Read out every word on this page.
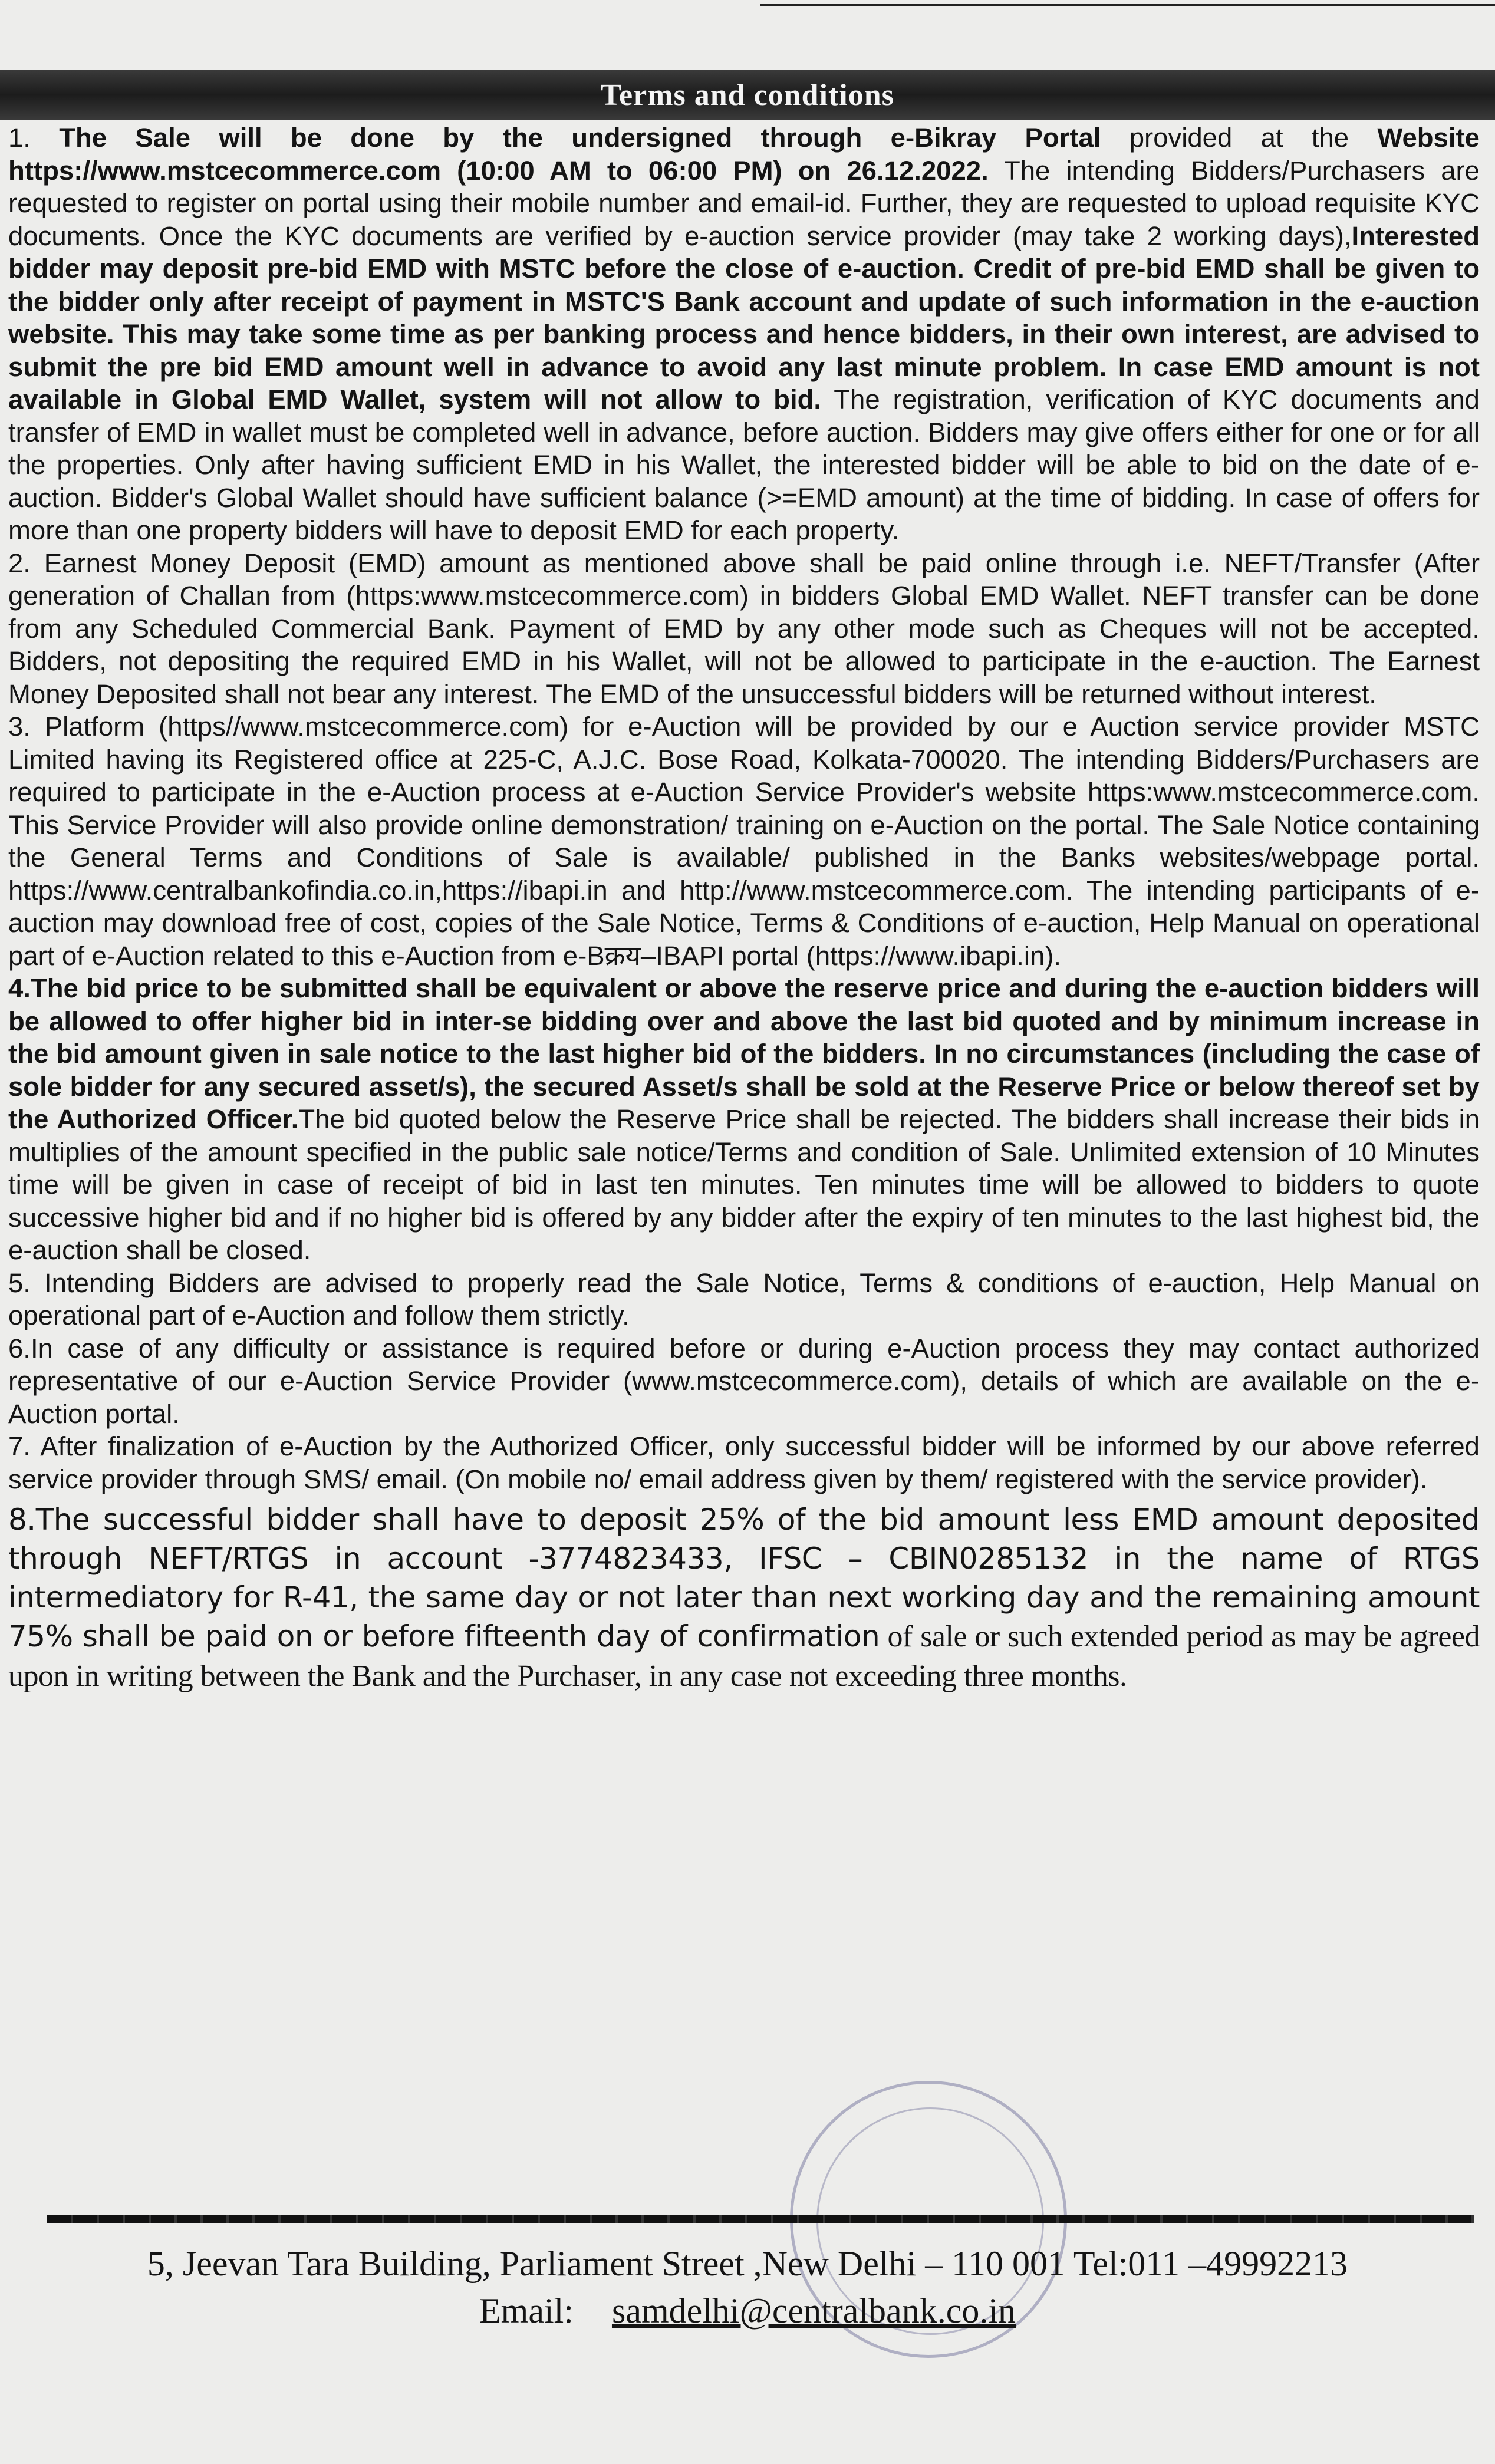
Terms and conditions

1. The Sale will be done by the undersigned through e-Bikray Portal provided at the Website https://www.mstcecommerce.com (10:00 AM to 06:00 PM) on 26.12.2022. The intending Bidders/Purchasers are requested to register on portal using their mobile number and email-id. Further, they are requested to upload requisite KYC documents. Once the KYC documents are verified by e-auction service provider (may take 2 working days),Interested bidder may deposit pre-bid EMD with MSTC before the close of e-auction. Credit of pre-bid EMD shall be given to the bidder only after receipt of payment in MSTC'S Bank account and update of such information in the e-auction website. This may take some time as per banking process and hence bidders, in their own interest, are advised to submit the pre bid EMD amount well in advance to avoid any last minute problem. In case EMD amount is not available in Global EMD Wallet, system will not allow to bid. The registration, verification of KYC documents and transfer of EMD in wallet must be completed well in advance, before auction. Bidders may give offers either for one or for all the properties. Only after having sufficient EMD in his Wallet, the interested bidder will be able to bid on the date of e-auction. Bidder's Global Wallet should have sufficient balance (>=EMD amount) at the time of bidding. In case of offers for more than one property bidders will have to deposit EMD for each property.

2. Earnest Money Deposit (EMD) amount as mentioned above shall be paid online through i.e. NEFT/Transfer (After generation of Challan from (https:www.mstcecommerce.com) in bidders Global EMD Wallet. NEFT transfer can be done from any Scheduled Commercial Bank. Payment of EMD by any other mode such as Cheques will not be accepted. Bidders, not depositing the required EMD in his Wallet, will not be allowed to participate in the e-auction. The Earnest Money Deposited shall not bear any interest. The EMD of the unsuccessful bidders will be returned without interest.

3. Platform (https//www.mstcecommerce.com) for e-Auction will be provided by our e Auction service provider MSTC Limited having its Registered office at 225-C, A.J.C. Bose Road, Kolkata-700020. The intending Bidders/Purchasers are required to participate in the e-Auction process at e-Auction Service Provider's website https:www.mstcecommerce.com. This Service Provider will also provide online demonstration/ training on e-Auction on the portal. The Sale Notice containing the General Terms and Conditions of Sale is available/ published in the Banks websites/webpage portal. https://www.centralbankofindia.co.in,https://ibapi.in and http://www.mstcecommerce.com. The intending participants of e- auction may download free of cost, copies of the Sale Notice, Terms & Conditions of e-auction, Help Manual on operational part of e-Auction related to this e-Auction from e-Bक्रय–IBAPI portal (https://www.ibapi.in).

4.The bid price to be submitted shall be equivalent or above the reserve price and during the e-auction bidders will be allowed to offer higher bid in inter-se bidding over and above the last bid quoted and by minimum increase in the bid amount given in sale notice to the last higher bid of the bidders. In no circumstances (including the case of sole bidder for any secured asset/s), the secured Asset/s shall be sold at the Reserve Price or below thereof set by the Authorized Officer.The bid quoted below the Reserve Price shall be rejected. The bidders shall increase their bids in multiplies of the amount specified in the public sale notice/Terms and condition of Sale. Unlimited extension of 10 Minutes time will be given in case of receipt of bid in last ten minutes. Ten minutes time will be allowed to bidders to quote successive higher bid and if no higher bid is offered by any bidder after the expiry of ten minutes to the last highest bid, the e-auction shall be closed.

5. Intending Bidders are advised to properly read the Sale Notice, Terms & conditions of e-auction, Help Manual on operational part of e-Auction and follow them strictly.

6.In case of any difficulty or assistance is required before or during e-Auction process they may contact authorized representative of our e-Auction Service Provider (www.mstcecommerce.com), details of which are available on the e-Auction portal.

7. After finalization of e-Auction by the Authorized Officer, only successful bidder will be informed by our above referred service provider through SMS/ email. (On mobile no/ email address given by them/ registered with the service provider).

8.The successful bidder shall have to deposit 25% of the bid amount less EMD amount deposited through NEFT/RTGS in account -3774823433, IFSC – CBIN0285132 in the name of RTGS intermediatory for R-41, the same day or not later than next working day and the remaining amount 75% shall be paid on or before fifteenth day of confirmation of sale or such extended period as may be agreed upon in writing between the Bank and the Purchaser, in any case not exceeding three months.

5, Jeevan Tara Building, Parliament Street ,New Delhi – 110 001 Tel:011 –49992213
Email: samdelhi@centralbank.co.in
